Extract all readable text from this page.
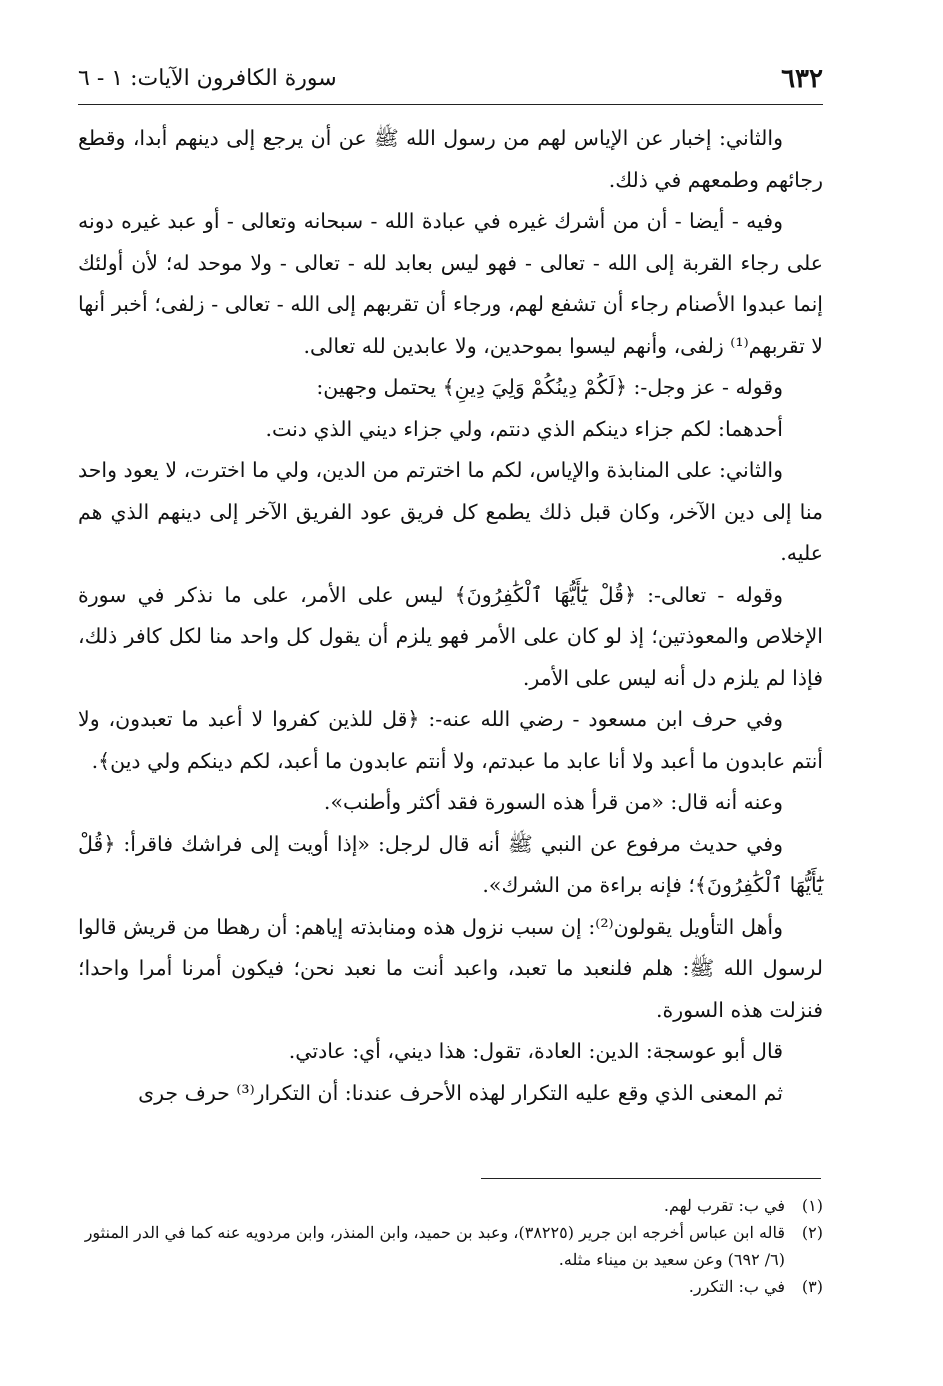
٦٣٢
سورة الكافرون الآيات: ١ - ٦

والثاني: إخبار عن الإياس لهم من رسول الله ﷺ عن أن يرجع إلى دينهم أبدا، وقطع رجائهم وطمعهم في ذلك.

وفيه - أيضا - أن من أشرك غيره في عبادة الله - سبحانه وتعالى - أو عبد غيره دونه على رجاء القربة إلى الله - تعالى - فهو ليس بعابد لله - تعالى - ولا موحد له؛ لأن أولئك إنما عبدوا الأصنام رجاء أن تشفع لهم، ورجاء أن تقربهم إلى الله - تعالى - زلفى؛ أخبر أنها لا تقربهم⁽¹⁾ زلفى، وأنهم ليسوا بموحدين، ولا عابدين لله تعالى.

وقوله - عز وجل-: ﴿لَكُمْ دِينُكُمْ وَلِيَ دِينِ﴾ يحتمل وجهين:

أحدهما: لكم جزاء دينكم الذي دنتم، ولي جزاء ديني الذي دنت.

والثاني: على المنابذة والإياس، لكم ما اخترتم من الدين، ولي ما اخترت، لا يعود واحد منا إلى دين الآخر، وكان قبل ذلك يطمع كل فريق عود الفريق الآخر إلى دينهم الذي هم عليه.

وقوله - تعالى-: ﴿قُلْ يَٰٓأَيُّهَا ٱلْكَٰفِرُونَ﴾ ليس على الأمر، على ما نذكر في سورة الإخلاص والمعوذتين؛ إذ لو كان على الأمر فهو يلزم أن يقول كل واحد منا لكل كافر ذلك، فإذا لم يلزم دل أنه ليس على الأمر.

وفي حرف ابن مسعود - رضي الله عنه-: ﴿قل للذين كفروا لا أعبد ما تعبدون، ولا أنتم عابدون ما أعبد ولا أنا عابد ما عبدتم، ولا أنتم عابدون ما أعبد، لكم دينكم ولي دين﴾.

وعنه أنه قال: «من قرأ هذه السورة فقد أكثر وأطنب».

وفي حديث مرفوع عن النبي ﷺ أنه قال لرجل: «إذا أويت إلى فراشك فاقرأ: ﴿قُلْ يَٰٓأَيُّهَا ٱلْكَٰفِرُونَ﴾؛ فإنه براءة من الشرك».

وأهل التأويل يقولون⁽²⁾: إن سبب نزول هذه ومنابذته إياهم: أن رهطا من قريش قالوا لرسول الله ﷺ: هلم فلنعبد ما تعبد، واعبد أنت ما نعبد نحن؛ فيكون أمرنا أمرا واحدا؛ فنزلت هذه السورة.

قال أبو عوسجة: الدين: العادة، تقول: هذا ديني، أي: عادتي.

ثم المعنى الذي وقع عليه التكرار لهذه الأحرف عندنا: أن التكرار⁽³⁾ حرف جرى

(١)
في ب: تقرب لهم.
(٢)
قاله ابن عباس أخرجه ابن جرير (٣٨٢٢٥)، وعبد بن حميد، وابن المنذر، وابن مردويه عنه كما في الدر المنثور (٦/ ٦٩٢) وعن سعيد بن ميناء مثله.
(٣)
في ب: التكرر.
